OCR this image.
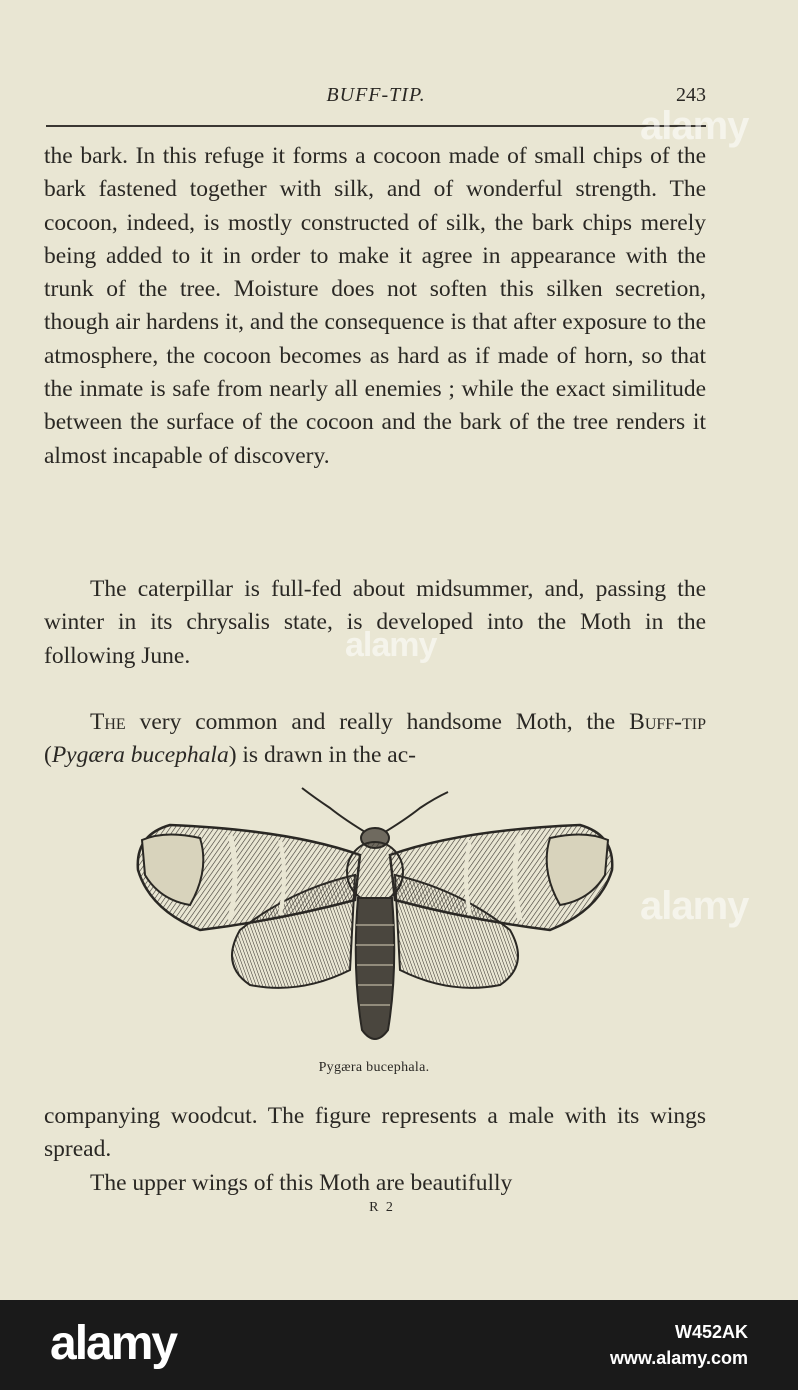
BUFF-TIP.	243

the bark. In this refuge it forms a cocoon made of small chips of the bark fastened together with silk, and of wonderful strength. The cocoon, indeed, is mostly constructed of silk, the bark chips merely being added to it in order to make it agree in appearance with the trunk of the tree. Moisture does not soften this silken secretion, though air hardens it, and the consequence is that after exposure to the atmosphere, the cocoon becomes as hard as if made of horn, so that the inmate is safe from nearly all enemies ; while the exact similitude between the surface of the cocoon and the bark of the tree renders it almost incapable of discovery.

The caterpillar is full-fed about midsummer, and, passing the winter in its chrysalis state, is developed into the Moth in the following June.

The very common and really handsome Moth, the Buff-tip (Pygæra bucephala) is drawn in the ac-

Pygæra bucephala.

companying woodcut. The figure represents a male with its wings spread.

The upper wings of this Moth are beautifully

R 2
alamy
alamy
alamy
alamy	W452AK
www.alamy.com
